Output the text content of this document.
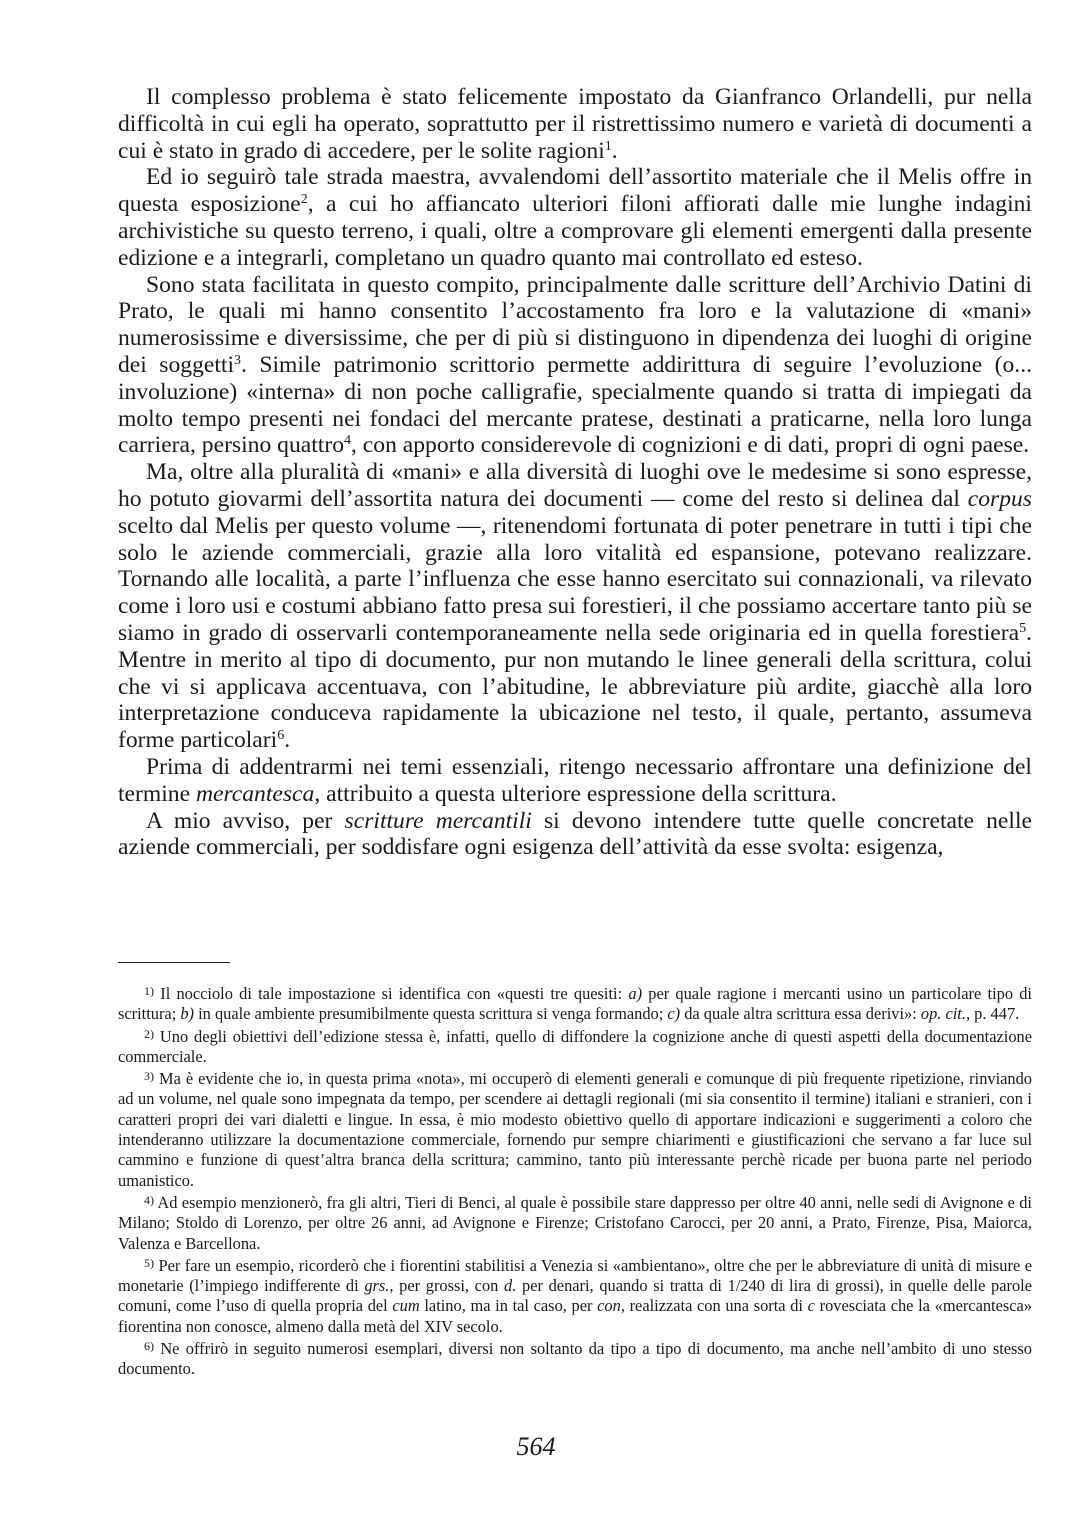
Il complesso problema è stato felicemente impostato da Gianfranco Orlandelli, pur nella difficoltà in cui egli ha operato, soprattutto per il ristrettissimo numero e varietà di documenti a cui è stato in grado di accedere, per le solite ragioni$^1$.

Ed io seguirò tale strada maestra, avvalendomi dell’assortito materiale che il Melis offre in questa esposizione$^2$, a cui ho affiancato ulteriori filoni affiorati dalle mie lunghe indagini archivistiche su questo terreno, i quali, oltre a comprovare gli elementi emergenti dalla presente edizione e a integrarli, completano un quadro quanto mai controllato ed esteso.

Sono stata facilitata in questo compito, principalmente dalle scritture dell’Archivio Datini di Prato, le quali mi hanno consentito l’accostamento fra loro e la valutazione di «mani» numerosissime e diversissime, che per di più si distinguono in dipendenza dei luoghi di origine dei soggetti$^3$. Simile patrimonio scrittorio permette addirittura di seguire l’evoluzione (o... involuzione) «interna» di non poche calligrafie, specialmente quando si tratta di impiegati da molto tempo presenti nei fondaci del mercante pratese, destinati a praticarne, nella loro lunga carriera, persino quattro$^4$, con apporto considerevole di cognizioni e di dati, propri di ogni paese.

Ma, oltre alla pluralità di «mani» e alla diversità di luoghi ove le medesime si sono espresse, ho potuto giovarmi dell’assortita natura dei documenti — come del resto si delinea dal corpus scelto dal Melis per questo volume —, ritenendomi fortunata di poter penetrare in tutti i tipi che solo le aziende commerciali, grazie alla loro vitalità ed espansione, potevano realizzare. Tornando alle località, a parte l’influenza che esse hanno esercitato sui connazionali, va rilevato come i loro usi e costumi abbiano fatto presa sui forestieri, il che possiamo accertare tanto più se siamo in grado di osservarli contemporaneamente nella sede originaria ed in quella forestiera$^5$. Mentre in merito al tipo di documento, pur non mutando le linee generali della scrittura, colui che vi si applicava accentuava, con l’abitudine, le abbreviature più ardite, giacchè alla loro interpretazione conduceva rapidamente la ubicazione nel testo, il quale, pertanto, assumeva forme particolari$^6$.

Prima di addentrarmi nei temi essenziali, ritengo necessario affrontare una definizione del termine mercantesca, attribuito a questa ulteriore espressione della scrittura.

A mio avviso, per scritture mercantili si devono intendere tutte quelle concretate nelle aziende commerciali, per soddisfare ogni esigenza dell’attività da esse svolta: esigenza,

$^{1)}$ Il nocciolo di tale impostazione si identifica con «questi tre quesiti: a) per quale ragione i mercanti usino un particolare tipo di scrittura; b) in quale ambiente presumibilmente questa scrittura si venga formando; c) da quale altra scrittura essa derivi»: op. cit., p. 447.

$^{2)}$ Uno degli obiettivi dell’edizione stessa è, infatti, quello di diffondere la cognizione anche di questi aspetti della documentazione commerciale.

$^{3)}$ Ma è evidente che io, in questa prima «nota», mi occuperò di elementi generali e comunque di più frequente ripetizione, rinviando ad un volume, nel quale sono impegnata da tempo, per scendere ai dettagli regionali (mi sia consentito il termine) italiani e stranieri, con i caratteri propri dei vari dialetti e lingue. In essa, è mio modesto obiettivo quello di apportare indicazioni e suggerimenti a coloro che intenderanno utilizzare la documentazione commerciale, fornendo pur sempre chiarimenti e giustificazioni che servano a far luce sul cammino e funzione di quest’altra branca della scrittura; cammino, tanto più interessante perchè ricade per buona parte nel periodo umanistico.

$^{4)}$ Ad esempio menzionerò, fra gli altri, Tieri di Benci, al quale è possibile stare dappresso per oltre 40 anni, nelle sedi di Avignone e di Milano; Stoldo di Lorenzo, per oltre 26 anni, ad Avignone e Firenze; Cristofano Carocci, per 20 anni, a Prato, Firenze, Pisa, Maiorca, Valenza e Barcellona.

$^{5)}$ Per fare un esempio, ricorderò che i fiorentini stabilitisi a Venezia si «ambientano», oltre che per le abbreviature di unità di misure e monetarie (l’impiego indifferente di grs., per grossi, con d. per denari, quando si tratta di 1/240 di lira di grossi), in quelle delle parole comuni, come l’uso di quella propria del cum latino, ma in tal caso, per con, realizzata con una sorta di c rovesciata che la «mercantesca» fiorentina non conosce, almeno dalla metà del XIV secolo.

$^{6)}$ Ne offrirò in seguito numerosi esemplari, diversi non soltanto da tipo a tipo di documento, ma anche nell’ambito di uno stesso documento.

564
